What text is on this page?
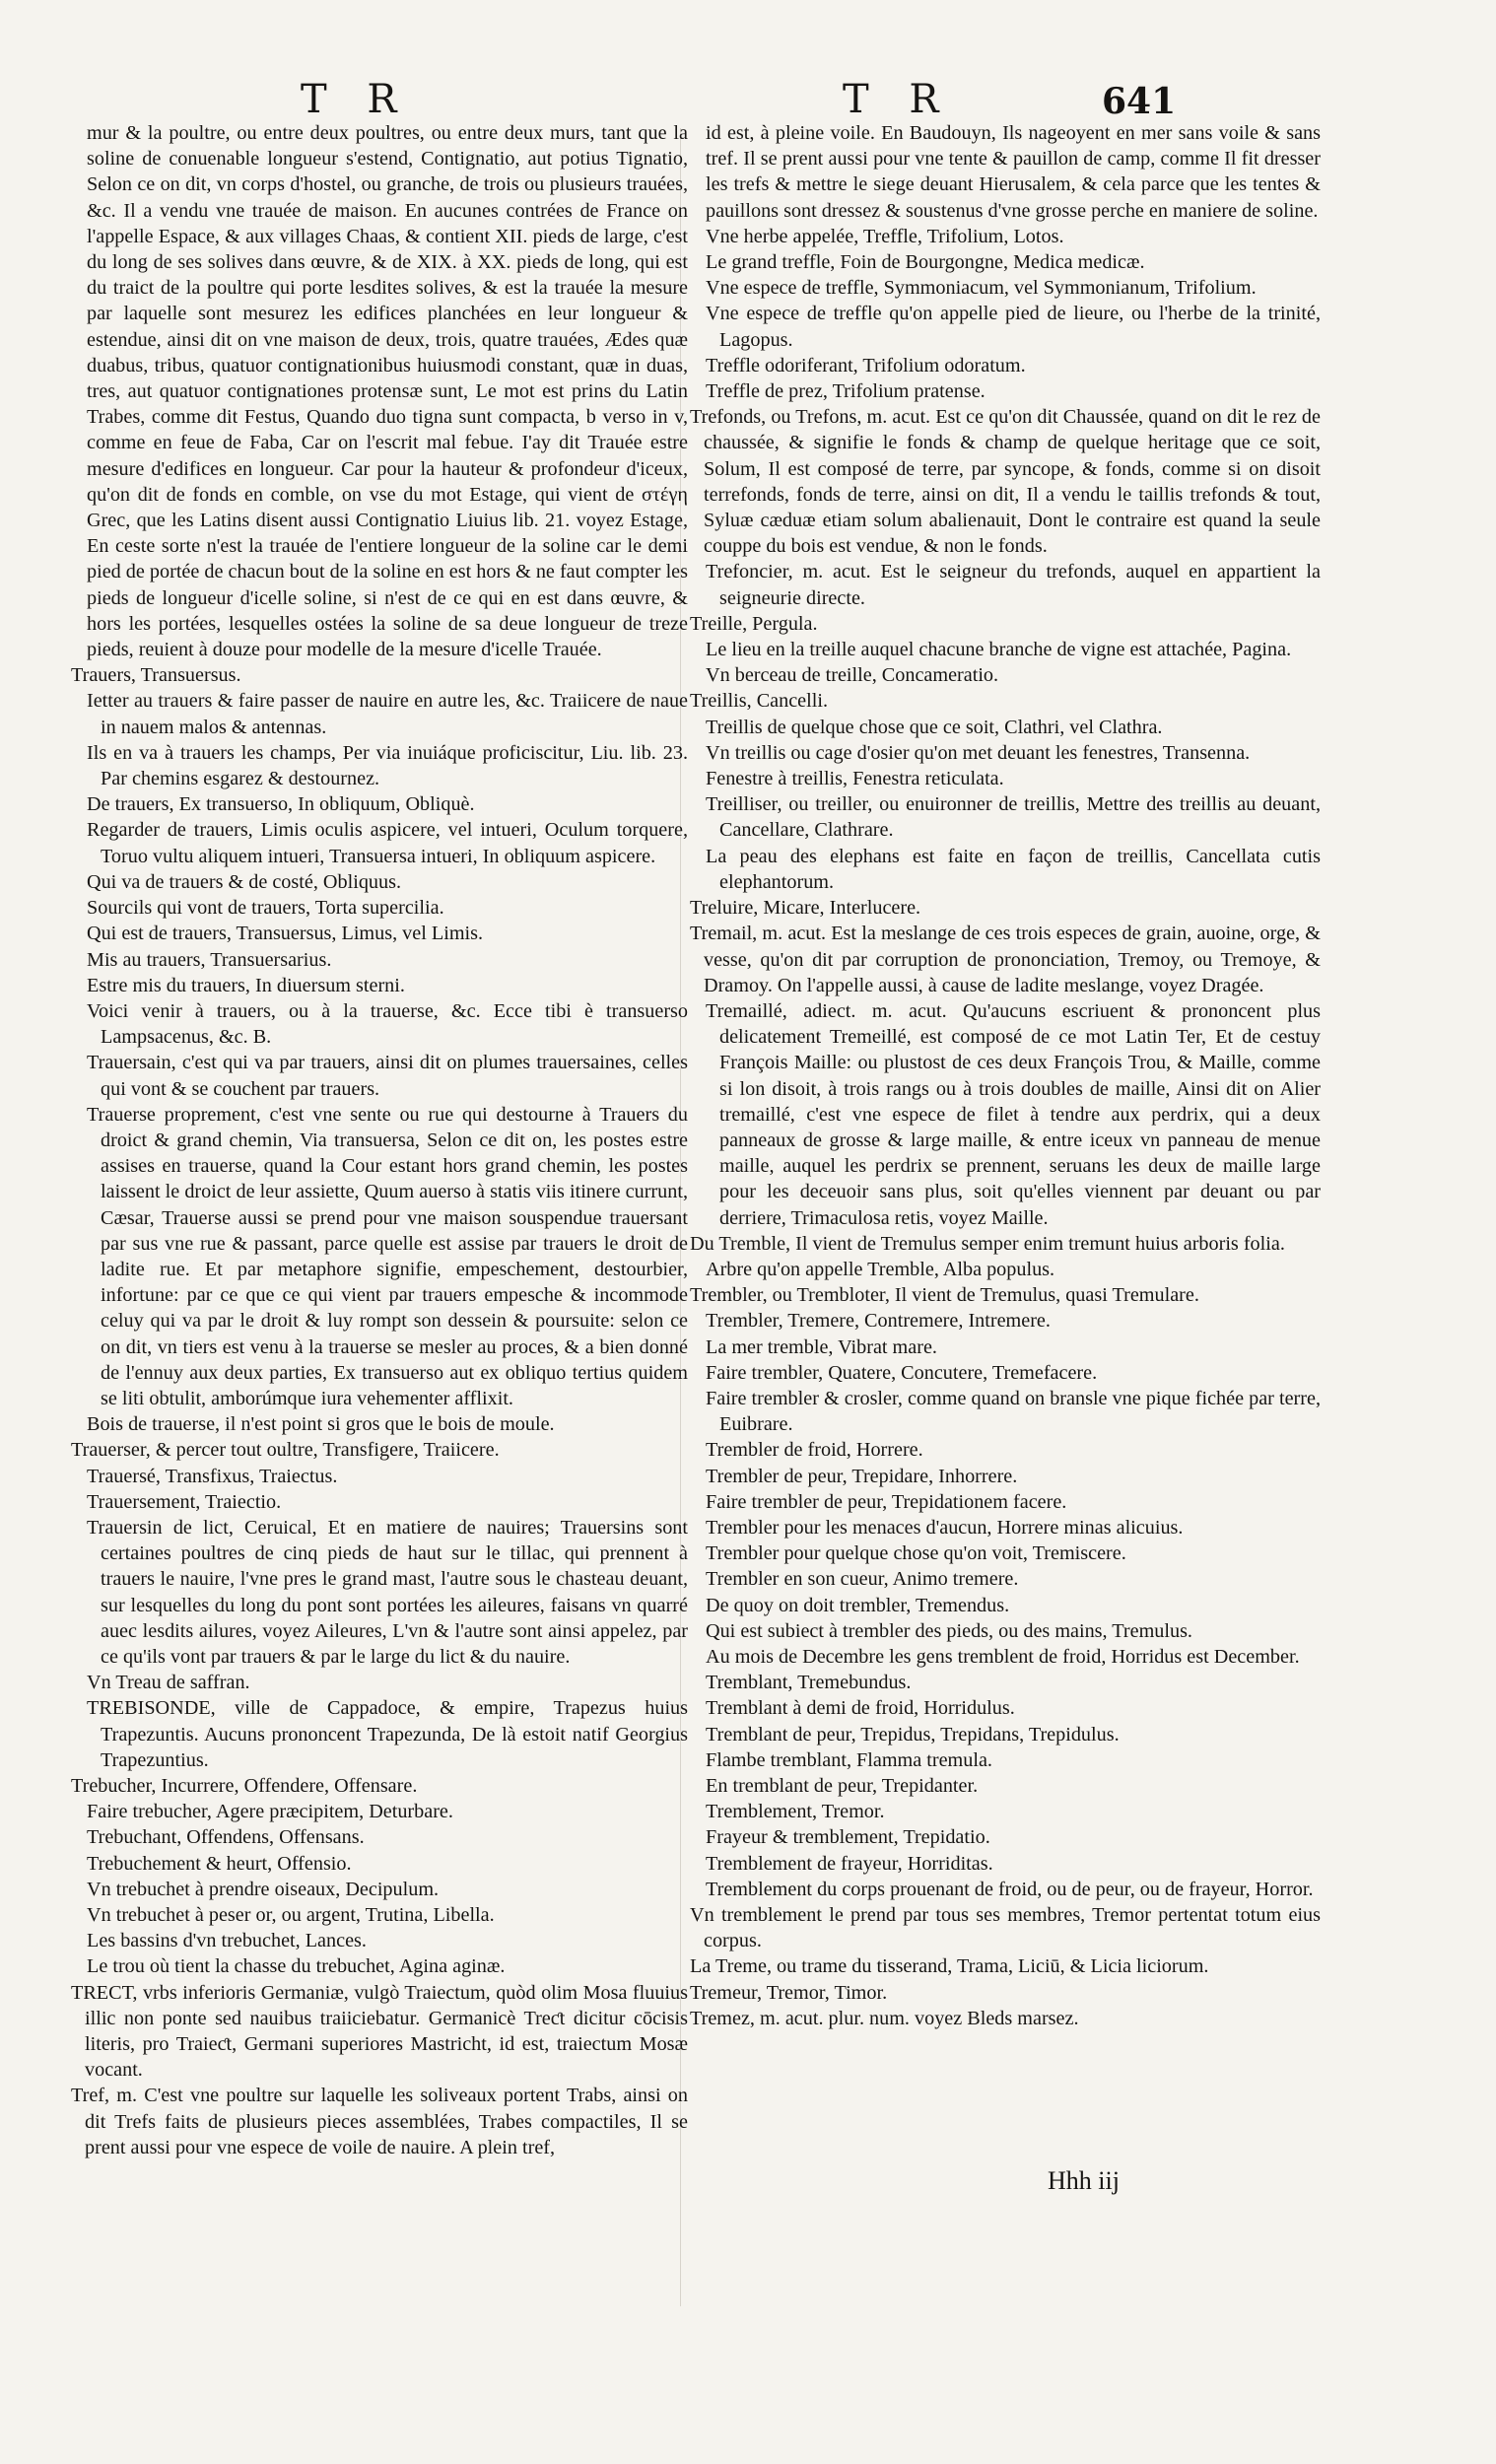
T R	T R	641

mur & la poultre, ou entre deux poultres, ou entre deux murs, tant que la soline de conuenable longueur s'estend, Contignatio, aut potius Tignatio, Selon ce on dit, vn corps d'hostel, ou granche, de trois ou plusieurs trauées, &c. Il a vendu vne trauée de maison. En aucunes contrées de France on l'appelle Espace, & aux villages Chaas, & contient XII. pieds de large, c'est du long de ses solives dans œuvre, & de XIX. à XX. pieds de long, qui est du traict de la poultre qui porte lesdites solives, & est la trauée la mesure par laquelle sont mesurez les edifices planchées en leur longueur & estendue, ainsi dit on vne maison de deux, trois, quatre trauées, Ædes quæ duabus, tribus, quatuor contignationibus huiusmodi constant, quæ in duas, tres, aut quatuor contignationes protensæ sunt, Le mot est prins du Latin Trabes, comme dit Festus, Quando duo tigna sunt compacta, b verso in v, comme en feue de Faba, Car on l'escrit mal febue. I'ay dit Trauée estre mesure d'edifices en longueur. Car pour la hauteur & profondeur d'iceux, qu'on dit de fonds en comble, on vse du mot Estage, qui vient de στέγη Grec, que les Latins disent aussi Contignatio Liuius lib. 21. voyez Estage, En ceste sorte n'est la trauée de l'entiere longueur de la soline car le demi pied de portée de chacun bout de la soline en est hors & ne faut compter les pieds de longueur d'icelle soline, si n'est de ce qui en est dans œuvre, & hors les portées, lesquelles ostées la soline de sa deue longueur de treze pieds, reuient à douze pour modelle de la mesure d'icelle Trauée.

Trauers, Transuersus.

Ietter au trauers & faire passer de nauire en autre les, &c. Traiicere de naue in nauem malos & antennas.

Ils en va à trauers les champs, Per via inuiáque proficiscitur, Liu. lib. 23. Par chemins esgarez & destournez.

De trauers, Ex transuerso, In obliquum, Obliquè.

Regarder de trauers, Limis oculis aspicere, vel intueri, Oculum torquere, Toruo vultu aliquem intueri, Transuersa intueri, In obliquum aspicere.

Qui va de trauers & de costé, Obliquus.

Sourcils qui vont de trauers, Torta supercilia.

Qui est de trauers, Transuersus, Limus, vel Limis.

Mis au trauers, Transuersarius.

Estre mis du trauers, In diuersum sterni.

Voici venir à trauers, ou à la trauerse, &c. Ecce tibi è transuerso Lampsacenus, &c. B.

Trauersain, c'est qui va par trauers, ainsi dit on plumes trauersaines, celles qui vont & se couchent par trauers.

Trauerse proprement, c'est vne sente ou rue qui destourne à Trauers du droict & grand chemin, Via transuersa, Selon ce dit on, les postes estre assises en trauerse, quand la Cour estant hors grand chemin, les postes laissent le droict de leur assiette, Quum auerso à statis viis itinere currunt, Cæsar, Trauerse aussi se prend pour vne maison souspendue trauersant par sus vne rue & passant, parce quelle est assise par trauers le droit de ladite rue. Et par metaphore signifie, empeschement, destourbier, infortune: par ce que ce qui vient par trauers empesche & incommode celuy qui va par le droit & luy rompt son dessein & poursuite: selon ce on dit, vn tiers est venu à la trauerse se mesler au proces, & a bien donné de l'ennuy aux deux parties, Ex transuerso aut ex obliquo tertius quidem se liti obtulit, amborúmque iura vehementer afflixit.

Bois de trauerse, il n'est point si gros que le bois de moule.

Trauerser, & percer tout oultre, Transfigere, Traiicere.

Trauersé, Transfixus, Traiectus.

Trauersement, Traiectio.

Trauersin de lict, Ceruical, Et en matiere de nauires; Trauersins sont certaines poultres de cinq pieds de haut sur le tillac, qui prennent à trauers le nauire, l'vne pres le grand mast, l'autre sous le chasteau deuant, sur lesquelles du long du pont sont portées les aileures, faisans vn quarré auec lesdits ailures, voyez Aileures, L'vn & l'autre sont ainsi appelez, par ce qu'ils vont par trauers & par le large du lict & du nauire.

Vn Treau de saffran.

TREBISONDE, ville de Cappadoce, & empire, Trapezus huius Trapezuntis. Aucuns prononcent Trapezunda, De là estoit natif Georgius Trapezuntius.

Trebucher, Incurrere, Offendere, Offensare.

Faire trebucher, Agere præcipitem, Deturbare.

Trebuchant, Offendens, Offensans.

Trebuchement & heurt, Offensio.

Vn trebuchet à prendre oiseaux, Decipulum.

Vn trebuchet à peser or, ou argent, Trutina, Libella.

Les bassins d'vn trebuchet, Lances.

Le trou où tient la chasse du trebuchet, Agina aginæ.

TRECT, vrbs inferioris Germaniæ, vulgò Traiectum, quòd olim Mosa fluuius illic non ponte sed nauibus traiiciebatur. Germanicè Treƈt dicitur cōcisis literis, pro Traieƈt, Germani superiores Mastricht, id est, traiectum Mosæ vocant.

Tref, m. C'est vne poultre sur laquelle les soliveaux portent Trabs, ainsi on dit Trefs faits de plusieurs pieces assemblées, Trabes compactiles, Il se prent aussi pour vne espece de voile de nauire. A plein tref,

id est, à pleine voile. En Baudouyn, Ils nageoyent en mer sans voile & sans tref. Il se prent aussi pour vne tente & pauillon de camp, comme Il fit dresser les trefs & mettre le siege deuant Hierusalem, & cela parce que les tentes & pauillons sont dressez & soustenus d'vne grosse perche en maniere de soline.

Vne herbe appelée, Treffle, Trifolium, Lotos.

Le grand treffle, Foin de Bourgongne, Medica medicæ.

Vne espece de treffle, Symmoniacum, vel Symmonianum, Trifolium.

Vne espece de treffle qu'on appelle pied de lieure, ou l'herbe de la trinité, Lagopus.

Treffle odoriferant, Trifolium odoratum.

Treffle de prez, Trifolium pratense.

Trefonds, ou Trefons, m. acut. Est ce qu'on dit Chaussée, quand on dit le rez de chaussée, & signifie le fonds & champ de quelque heritage que ce soit, Solum, Il est composé de terre, par syncope, & fonds, comme si on disoit terrefonds, fonds de terre, ainsi on dit, Il a vendu le taillis trefonds & tout, Syluæ cæduæ etiam solum abalienauit, Dont le contraire est quand la seule couppe du bois est vendue, & non le fonds.

Trefoncier, m. acut. Est le seigneur du trefonds, auquel en appartient la seigneurie directe.

Treille, Pergula.

Le lieu en la treille auquel chacune branche de vigne est attachée, Pagina.

Vn berceau de treille, Concameratio.

Treillis, Cancelli.

Treillis de quelque chose que ce soit, Clathri, vel Clathra.

Vn treillis ou cage d'osier qu'on met deuant les fenestres, Transenna.

Fenestre à treillis, Fenestra reticulata.

Treilliser, ou treiller, ou enuironner de treillis, Mettre des treillis au deuant, Cancellare, Clathrare.

La peau des elephans est faite en façon de treillis, Cancellata cutis elephantorum.

Treluire, Micare, Interlucere.

Tremail, m. acut. Est la meslange de ces trois especes de grain, auoine, orge, & vesse, qu'on dit par corruption de prononciation, Tremoy, ou Tremoye, & Dramoy. On l'appelle aussi, à cause de ladite meslange, voyez Dragée.

Tremaillé, adiect. m. acut. Qu'aucuns escriuent & prononcent plus delicatement Tremeillé, est composé de ce mot Latin Ter, Et de cestuy François Maille: ou plustost de ces deux François Trou, & Maille, comme si lon disoit, à trois rangs ou à trois doubles de maille, Ainsi dit on Alier tremaillé, c'est vne espece de filet à tendre aux perdrix, qui a deux panneaux de grosse & large maille, & entre iceux vn panneau de menue maille, auquel les perdrix se prennent, seruans les deux de maille large pour les deceuoir sans plus, soit qu'elles viennent par deuant ou par derriere, Trimaculosa retis, voyez Maille.

Du Tremble, Il vient de Tremulus semper enim tremunt huius arboris folia.

Arbre qu'on appelle Tremble, Alba populus.

Trembler, ou Trembloter, Il vient de Tremulus, quasi Tremulare.

Trembler, Tremere, Contremere, Intremere.

La mer tremble, Vibrat mare.

Faire trembler, Quatere, Concutere, Tremefacere.

Faire trembler & crosler, comme quand on bransle vne pique fichée par terre, Euibrare.

Trembler de froid, Horrere.

Trembler de peur, Trepidare, Inhorrere.

Faire trembler de peur, Trepidationem facere.

Trembler pour les menaces d'aucun, Horrere minas alicuius.

Trembler pour quelque chose qu'on voit, Tremiscere.

Trembler en son cueur, Animo tremere.

De quoy on doit trembler, Tremendus.

Qui est subiect à trembler des pieds, ou des mains, Tremulus.

Au mois de Decembre les gens tremblent de froid, Horridus est December.

Tremblant, Tremebundus.

Tremblant à demi de froid, Horridulus.

Tremblant de peur, Trepidus, Trepidans, Trepidulus.

Flambe tremblant, Flamma tremula.

En tremblant de peur, Trepidanter.

Tremblement, Tremor.

Frayeur & tremblement, Trepidatio.

Tremblement de frayeur, Horriditas.

Tremblement du corps prouenant de froid, ou de peur, ou de frayeur, Horror.

Vn tremblement le prend par tous ses membres, Tremor pertentat totum eius corpus.

La Treme, ou trame du tisserand, Trama, Liciū, & Licia liciorum.

Tremeur, Tremor, Timor.

Tremez, m. acut. plur. num. voyez Bleds marsez.

Hhh iij
